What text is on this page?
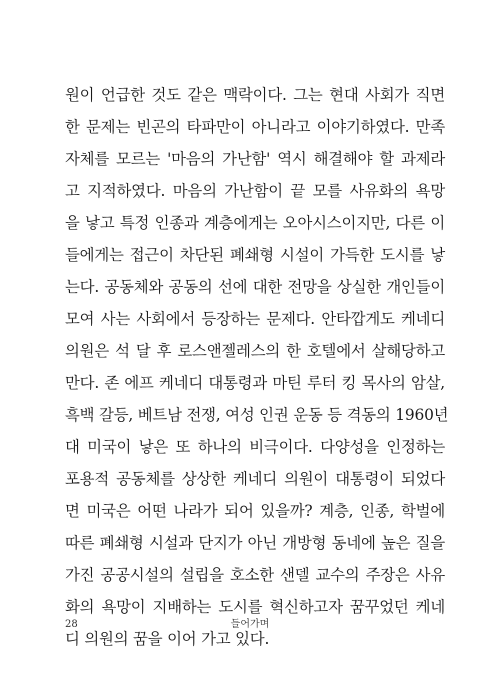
원이 언급한 것도 같은 맥락이다. 그는 현대 사회가 직면
한 문제는 빈곤의 타파만이 아니라고 이야기하였다. 만족
자체를 모르는 '마음의 가난함' 역시 해결해야 할 과제라
고 지적하였다. 마음의 가난함이 끝 모를 사유화의 욕망
을 낳고 특정 인종과 계층에게는 오아시스이지만, 다른 이
들에게는 접근이 차단된 폐쇄형 시설이 가득한 도시를 낳
는다. 공동체와 공동의 선에 대한 전망을 상실한 개인들이
모여 사는 사회에서 등장하는 문제다. 안타깝게도 케네디
의원은 석 달 후 로스앤젤레스의 한 호텔에서 살해당하고
만다. 존 에프 케네디 대통령과 마틴 루터 킹 목사의 암살,
흑백 갈등, 베트남 전쟁, 여성 인권 운동 등 격동의 1960년
대 미국이 낳은 또 하나의 비극이다. 다양성을 인정하는
포용적 공동체를 상상한 케네디 의원이 대통령이 되었다
면 미국은 어떤 나라가 되어 있을까? 계층, 인종, 학벌에
따른 폐쇄형 시설과 단지가 아닌 개방형 동네에 높은 질을
가진 공공시설의 설립을 호소한 샌델 교수의 주장은 사유
화의 욕망이 지배하는 도시를 혁신하고자 꿈꾸었던 케네
디 의원의 꿈을 이어 가고 있다.
28	들어가며
